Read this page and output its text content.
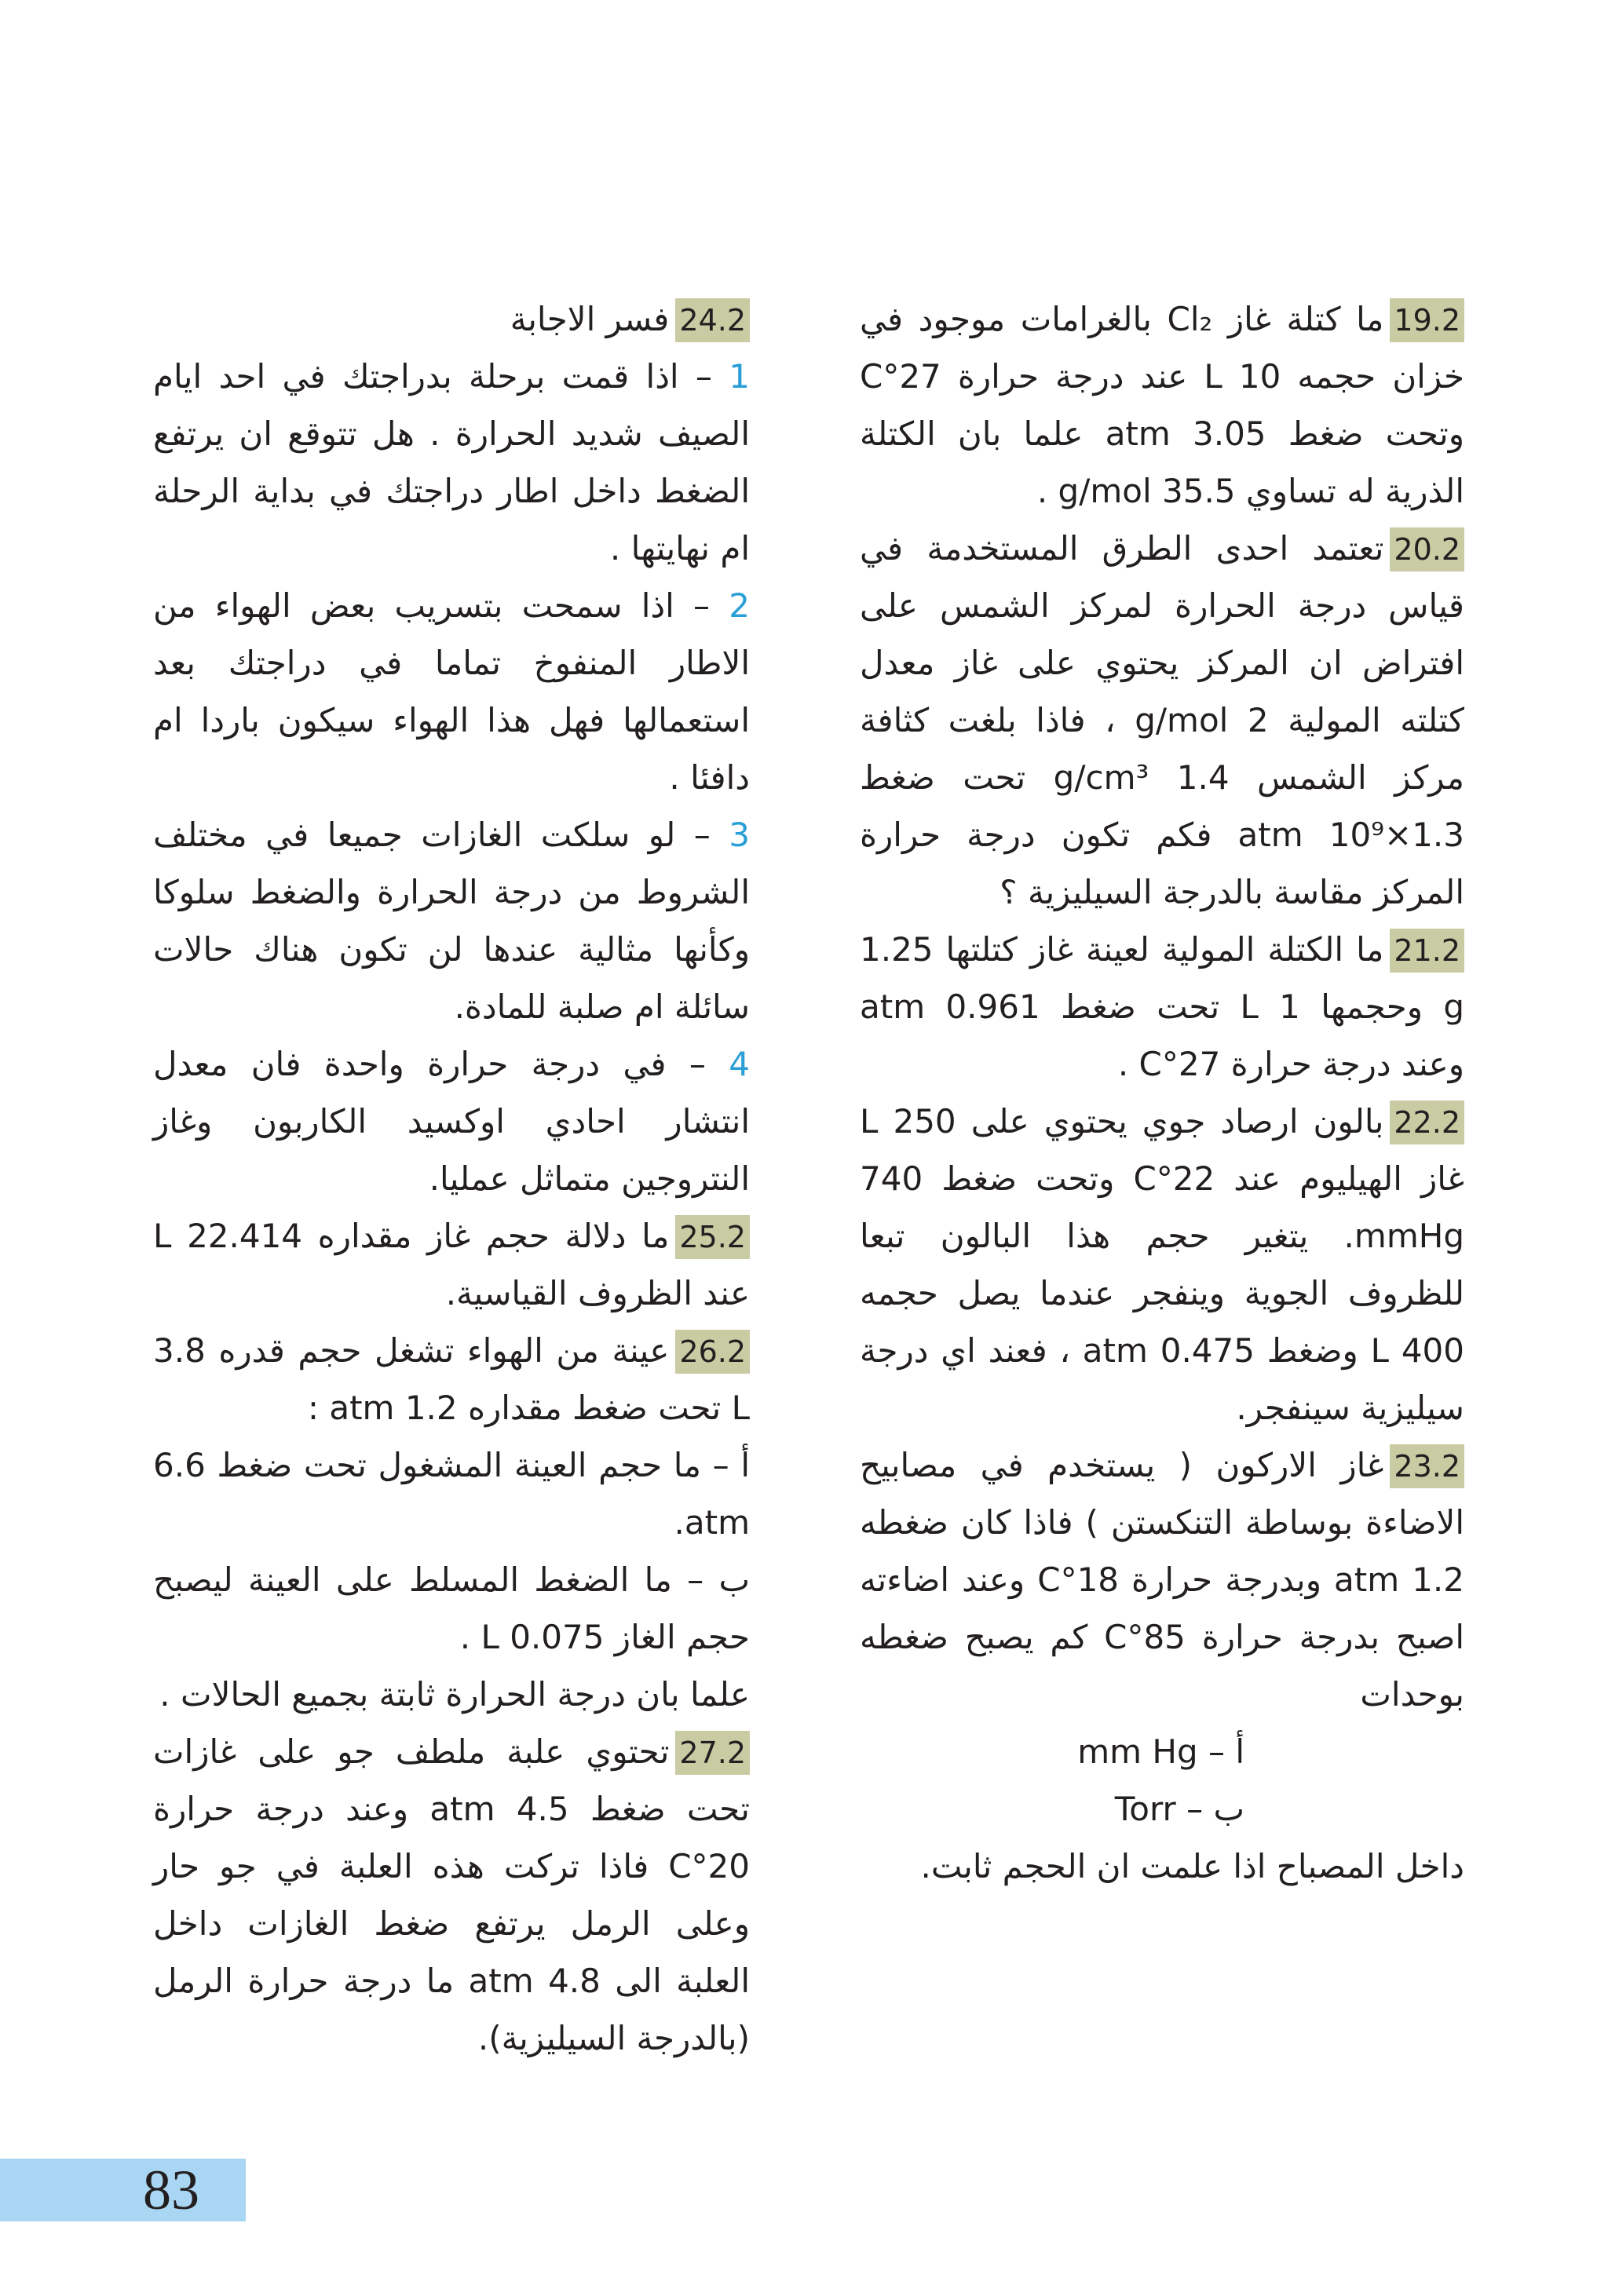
19.2ما كتلة غاز Cl₂ بالغرامات موجود في خزان حجمه 10 L عند درجة حرارة 27°C وتحت ضغط 3.05 atm علما بان الكتلة الذرية له تساوي 35.5 g/mol .

20.2تعتمد احدى الطرق المستخدمة في قياس درجة الحرارة لمركز الشمس على افتراض ان المركز يحتوي على غاز معدل كتلته المولية 2 g/mol ، فاذا بلغت كثافة مركز الشمس 1.4 g/cm³ تحت ضغط 1.3×10⁹ atm فكم تكون درجة حرارة المركز مقاسة بالدرجة السيليزية ؟

21.2ما الكتلة المولية لعينة غاز كتلتها 1.25 g وحجمها 1 L تحت ضغط 0.961 atm وعند درجة حرارة 27°C .

22.2بالون ارصاد جوي يحتوي على 250 L غاز الهيليوم عند 22°C وتحت ضغط 740 mmHg. يتغير حجم هذا البالون تبعا للظروف الجوية وينفجر عندما يصل حجمه 400 L وضغط 0.475 atm ، فعند اي درجة سيليزية سينفجر.

23.2غاز الاركون ( يستخدم في مصابيح الاضاءة بوساطة التنكستن ) فاذا كان ضغطه 1.2 atm وبدرجة حرارة 18°C وعند اضاءته اصبح بدرجة حرارة 85°C كم يصبح ضغطه بوحدات

أ – mm Hg

ب – Torr

داخل المصباح اذا علمت ان الحجم ثابت.

24.2فسر الاجابة

1 – اذا قمت برحلة بدراجتك في احد ايام الصيف شديد الحرارة . هل تتوقع ان يرتفع الضغط داخل اطار دراجتك في بداية الرحلة ام نهايتها .

2 – اذا سمحت بتسريب بعض الهواء من الاطار المنفوخ تماما في دراجتك بعد استعمالها فهل هذا الهواء سيكون باردا ام دافئا .

3 – لو سلكت الغازات جميعا في مختلف الشروط من درجة الحرارة والضغط سلوكا وكأنها مثالية عندها لن تكون هناك حالات سائلة ام صلبة للمادة.

4 – في درجة حرارة واحدة فان معدل انتشار احادي اوكسيد الكاربون وغاز النتروجين متماثل عمليا.

25.2ما دلالة حجم غاز مقداره 22.414 L عند الظروف القياسية.

26.2عينة من الهواء تشغل حجم قدره 3.8 L تحت ضغط مقداره 1.2 atm :

أ – ما حجم العينة المشغول تحت ضغط 6.6 atm.

ب – ما الضغط المسلط على العينة ليصبح حجم الغاز 0.075 L .

علما بان درجة الحرارة ثابتة بجميع الحالات .

27.2تحتوي علبة ملطف جو على غازات تحت ضغط 4.5 atm وعند درجة حرارة 20°C فاذا تركت هذه العلبة في جو حار وعلى الرمل يرتفع ضغط الغازات داخل العلبة الى 4.8 atm ما درجة حرارة الرمل (بالدرجة السيليزية).

83
